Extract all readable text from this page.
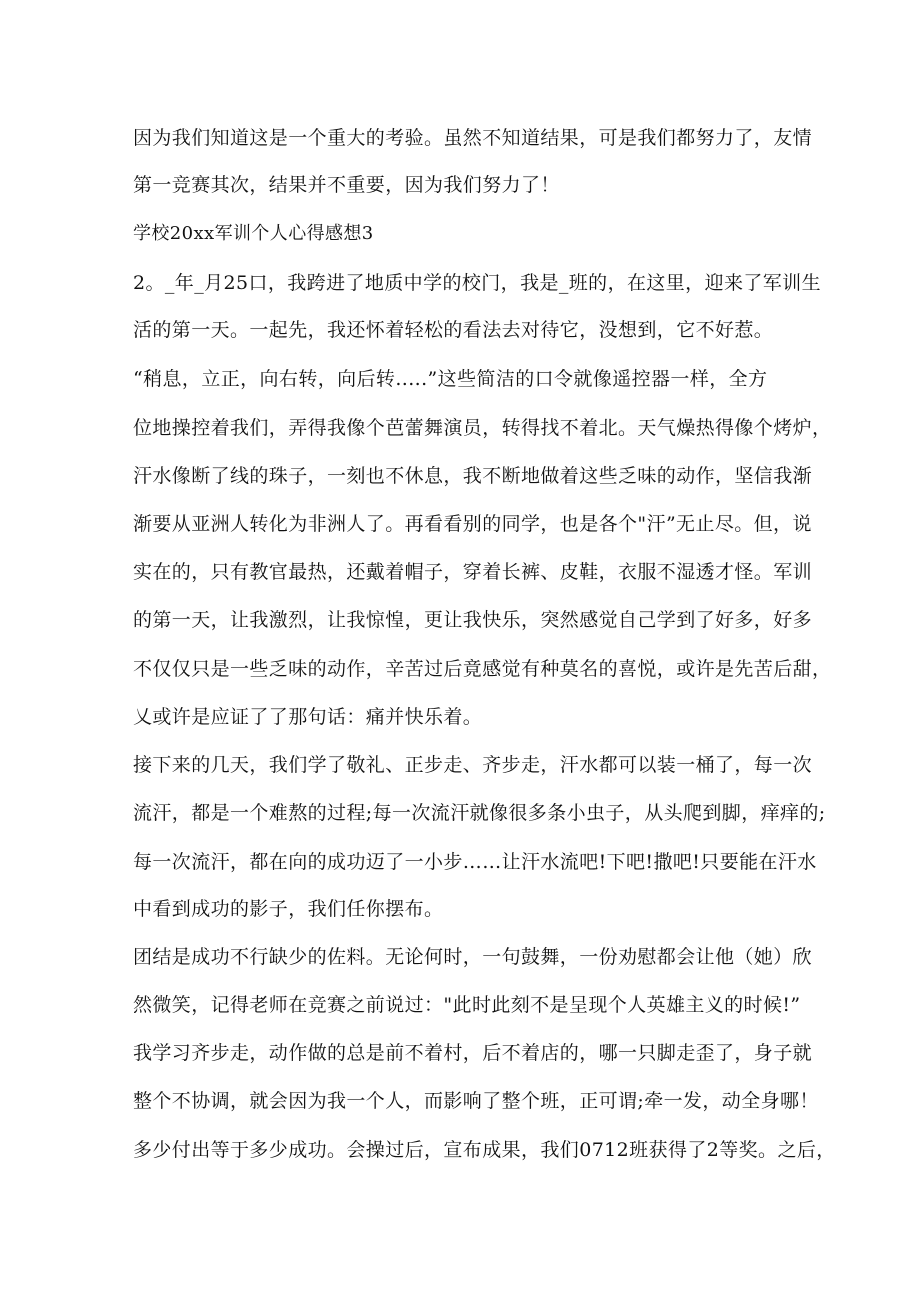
因为我们知道这是一个重大的考验。虽然不知道结果，可是我们都努力了，友情
第一竞赛其次，结果并不重要，因为我们努力了！
学校20xx军训个人心得感想3
2。_年_月25口，我跨进了地质中学的校门，我是_班的，在这里，迎来了军训生
活的第一天。一起先，我还怀着轻松的看法去对待它，没想到，它不好惹。
“稍息，立正，向右转，向后转.....”这些简洁的口令就像遥控器一样，全方
位地操控着我们，弄得我像个芭蕾舞演员，转得找不着北。天气燥热得像个烤炉，
汗水像断了线的珠子，一刻也不休息，我不断地做着这些乏味的动作，坚信我渐
渐要从亚洲人转化为非洲人了。再看看别的同学，也是各个"汗”无止尽。但，说
实在的，只有教官最热，还戴着帽子，穿着长裤、皮鞋，衣服不湿透才怪。军训
的第一天，让我激烈，让我惊惶，更让我快乐，突然感觉自己学到了好多，好多
不仅仅只是一些乏味的动作，辛苦过后竟感觉有种莫名的喜悦，或许是先苦后甜，
乂或许是应证了了那句话：痛并快乐着。
接下来的几天，我们学了敬礼、正步走、齐步走，汗水都可以装一桶了，每一次
流汗，都是一个难熬的过程;每一次流汗就像很多条小虫子，从头爬到脚，痒痒的;
每一次流汗，都在向的成功迈了一小步……让汗水流吧!下吧!撒吧!只要能在汗水
中看到成功的影子，我们任你摆布。
团结是成功不行缺少的佐料。无论何时，一句鼓舞，一份劝慰都会让他（她）欣
然微笑，记得老师在竞赛之前说过："此时此刻不是呈现个人英雄主义的时候!”
我学习齐步走，动作做的总是前不着村，后不着店的，哪一只脚走歪了，身子就
整个不协调，就会因为我一个人，而影响了整个班，正可谓;牵一发，动全身哪！
多少付出等于多少成功。会操过后，宣布成果，我们0712班获得了2等奖。之后，
